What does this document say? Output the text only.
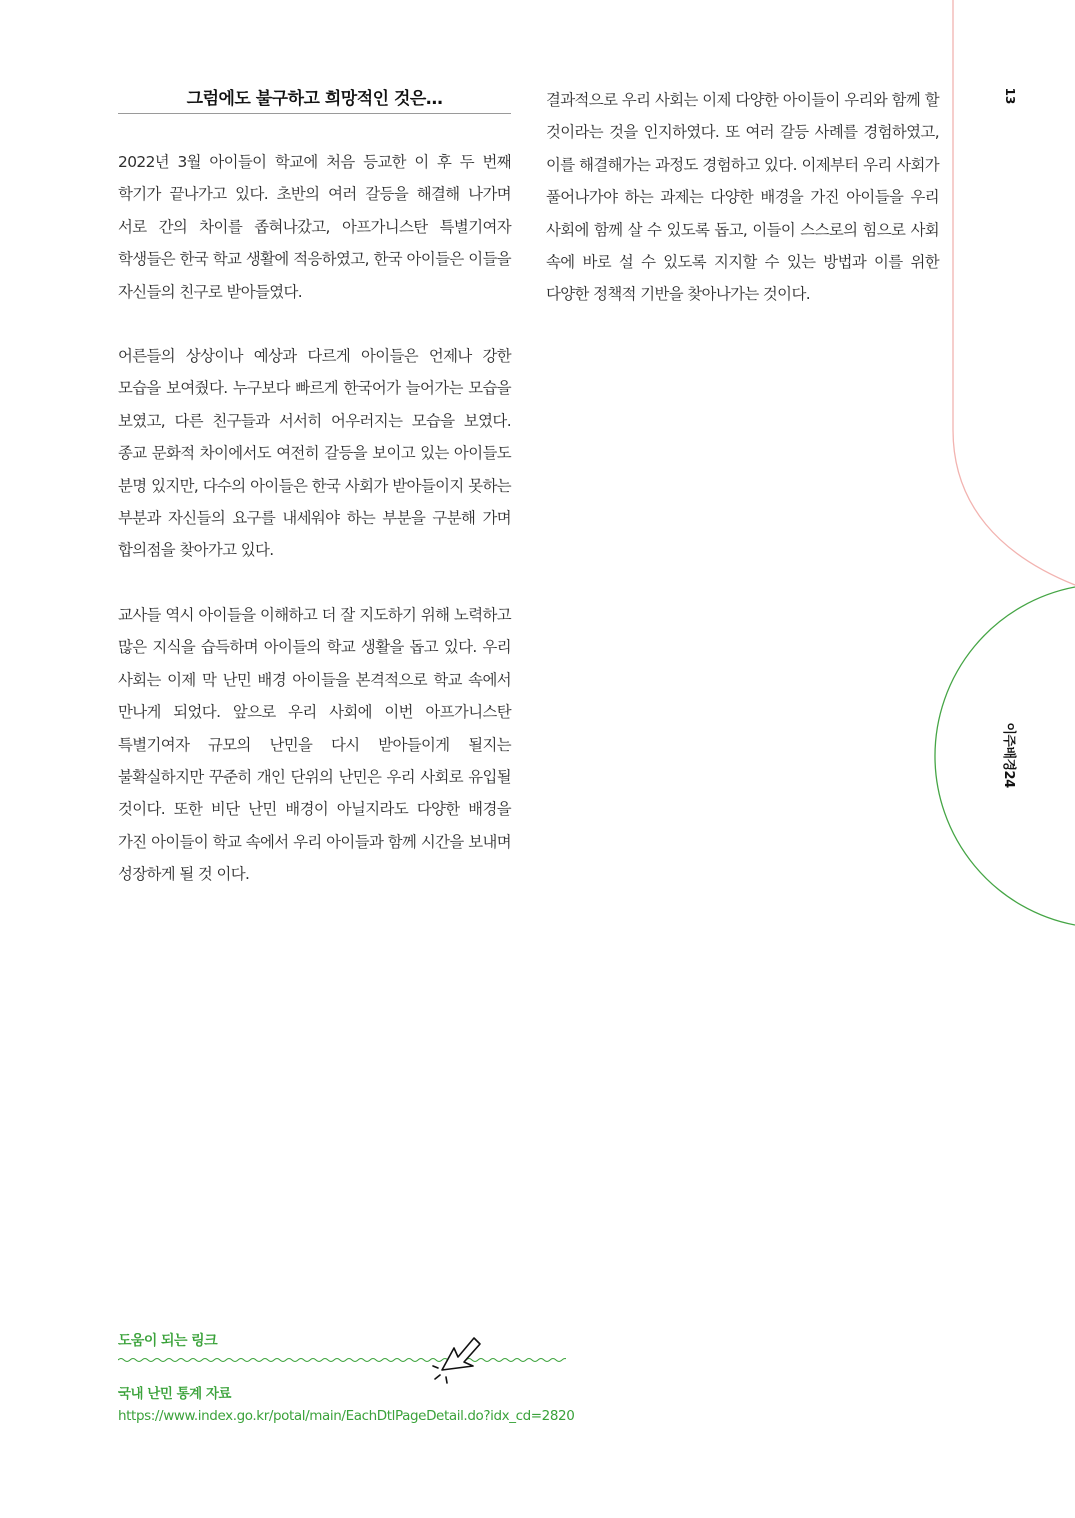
13
이주배경24
그럼에도 불구하고 희망적인 것은…

2022년 3월 아이들이 학교에 처음 등교한 이 후 두 번째 학기가 끝나가고 있다. 초반의 여러 갈등을 해결해 나가며 서로 간의 차이를 좁혀나갔고, 아프가니스탄 특별기여자 학생들은 한국 학교 생활에 적응하였고, 한국 아이들은 이들을 자신들의 친구로 받아들였다.

어른들의 상상이나 예상과 다르게 아이들은 언제나 강한 모습을 보여줬다. 누구보다 빠르게 한국어가 늘어가는 모습을 보였고, 다른 친구들과 서서히 어우러지는 모습을 보였다. 종교 문화적 차이에서도 여전히 갈등을 보이고 있는 아이들도 분명 있지만, 다수의 아이들은 한국 사회가 받아들이지 못하는 부분과 자신들의 요구를 내세워야 하는 부분을 구분해 가며 합의점을 찾아가고 있다.

교사들 역시 아이들을 이해하고 더 잘 지도하기 위해 노력하고 많은 지식을 습득하며 아이들의 학교 생활을 돕고 있다. 우리 사회는 이제 막 난민 배경 아이들을 본격적으로 학교 속에서 만나게 되었다. 앞으로 우리 사회에 이번 아프가니스탄 특별기여자 규모의 난민을 다시 받아들이게 될지는 불확실하지만 꾸준히 개인 단위의 난민은 우리 사회로 유입될 것이다. 또한 비단 난민 배경이 아닐지라도 다양한 배경을 가진 아이들이 학교 속에서 우리 아이들과 함께 시간을 보내며 성장하게 될 것 이다.

결과적으로 우리 사회는 이제 다양한 아이들이 우리와 함께 할 것이라는 것을 인지하였다. 또 여러 갈등 사례를 경험하였고, 이를 해결해가는 과정도 경험하고 있다. 이제부터 우리 사회가 풀어나가야 하는 과제는 다양한 배경을 가진 아이들을 우리 사회에 함께 살 수 있도록 돕고, 이들이 스스로의 힘으로 사회 속에 바로 설 수 있도록 지지할 수 있는 방법과 이를 위한 다양한 정책적 기반을 찾아나가는 것이다.

도움이 되는 링크
국내 난민 통계 자료
https://www.index.go.kr/potal/main/EachDtlPageDetail.do?idx_cd=2820
